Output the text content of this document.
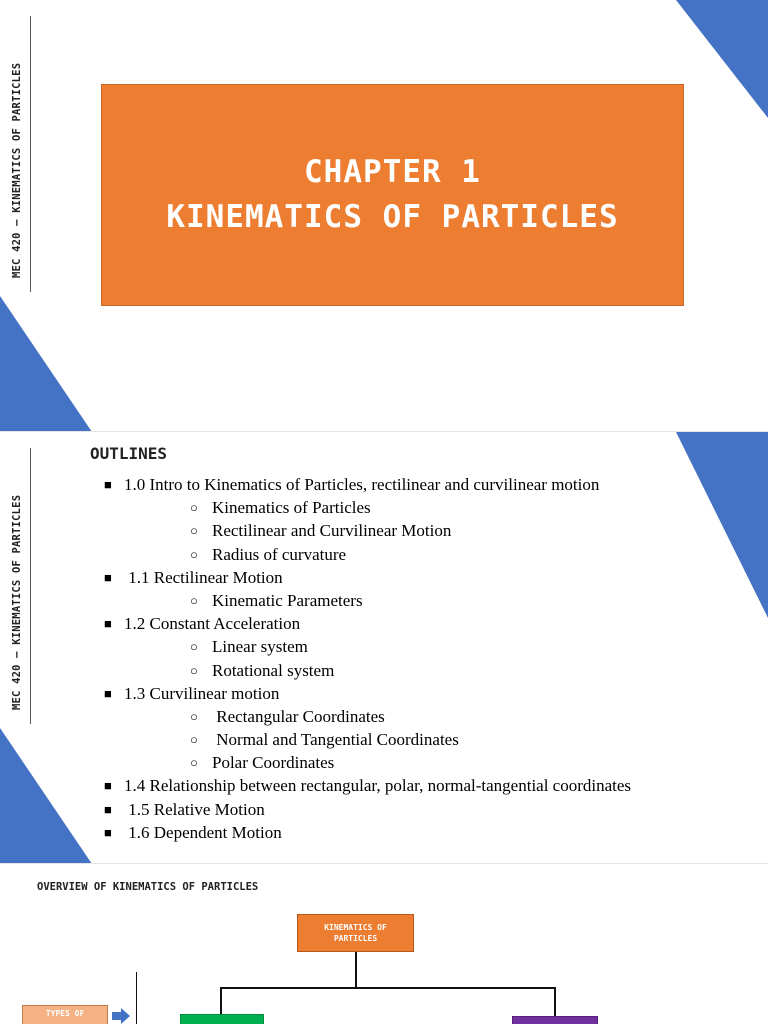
MEC 420 – KINEMATICS OF PARTICLES	CHAPTER 1
KINEMATICS OF PARTICLES
MEC 420 – KINEMATICS OF PARTICLES
OUTLINES
■ 1.0 Intro to Kinematics of Particles, rectilinear and curvilinear motion
○ Kinematics of Particles
○ Rectilinear and Curvilinear Motion
○ Radius of curvature
■ 1.1 Rectilinear Motion
○ Kinematic Parameters
■ 1.2 Constant Acceleration
○ Linear system
○ Rotational system
■ 1.3 Curvilinear motion
○ Rectangular Coordinates
○ Normal and Tangential Coordinates
○ Polar Coordinates
■ 1.4 Relationship between rectangular, polar, normal-tangential coordinates
■ 1.5 Relative Motion
■ 1.6 Dependent Motion
OVERVIEW OF KINEMATICS OF PARTICLES
KINEMATICS OF
PARTICLES
TYPES OF
